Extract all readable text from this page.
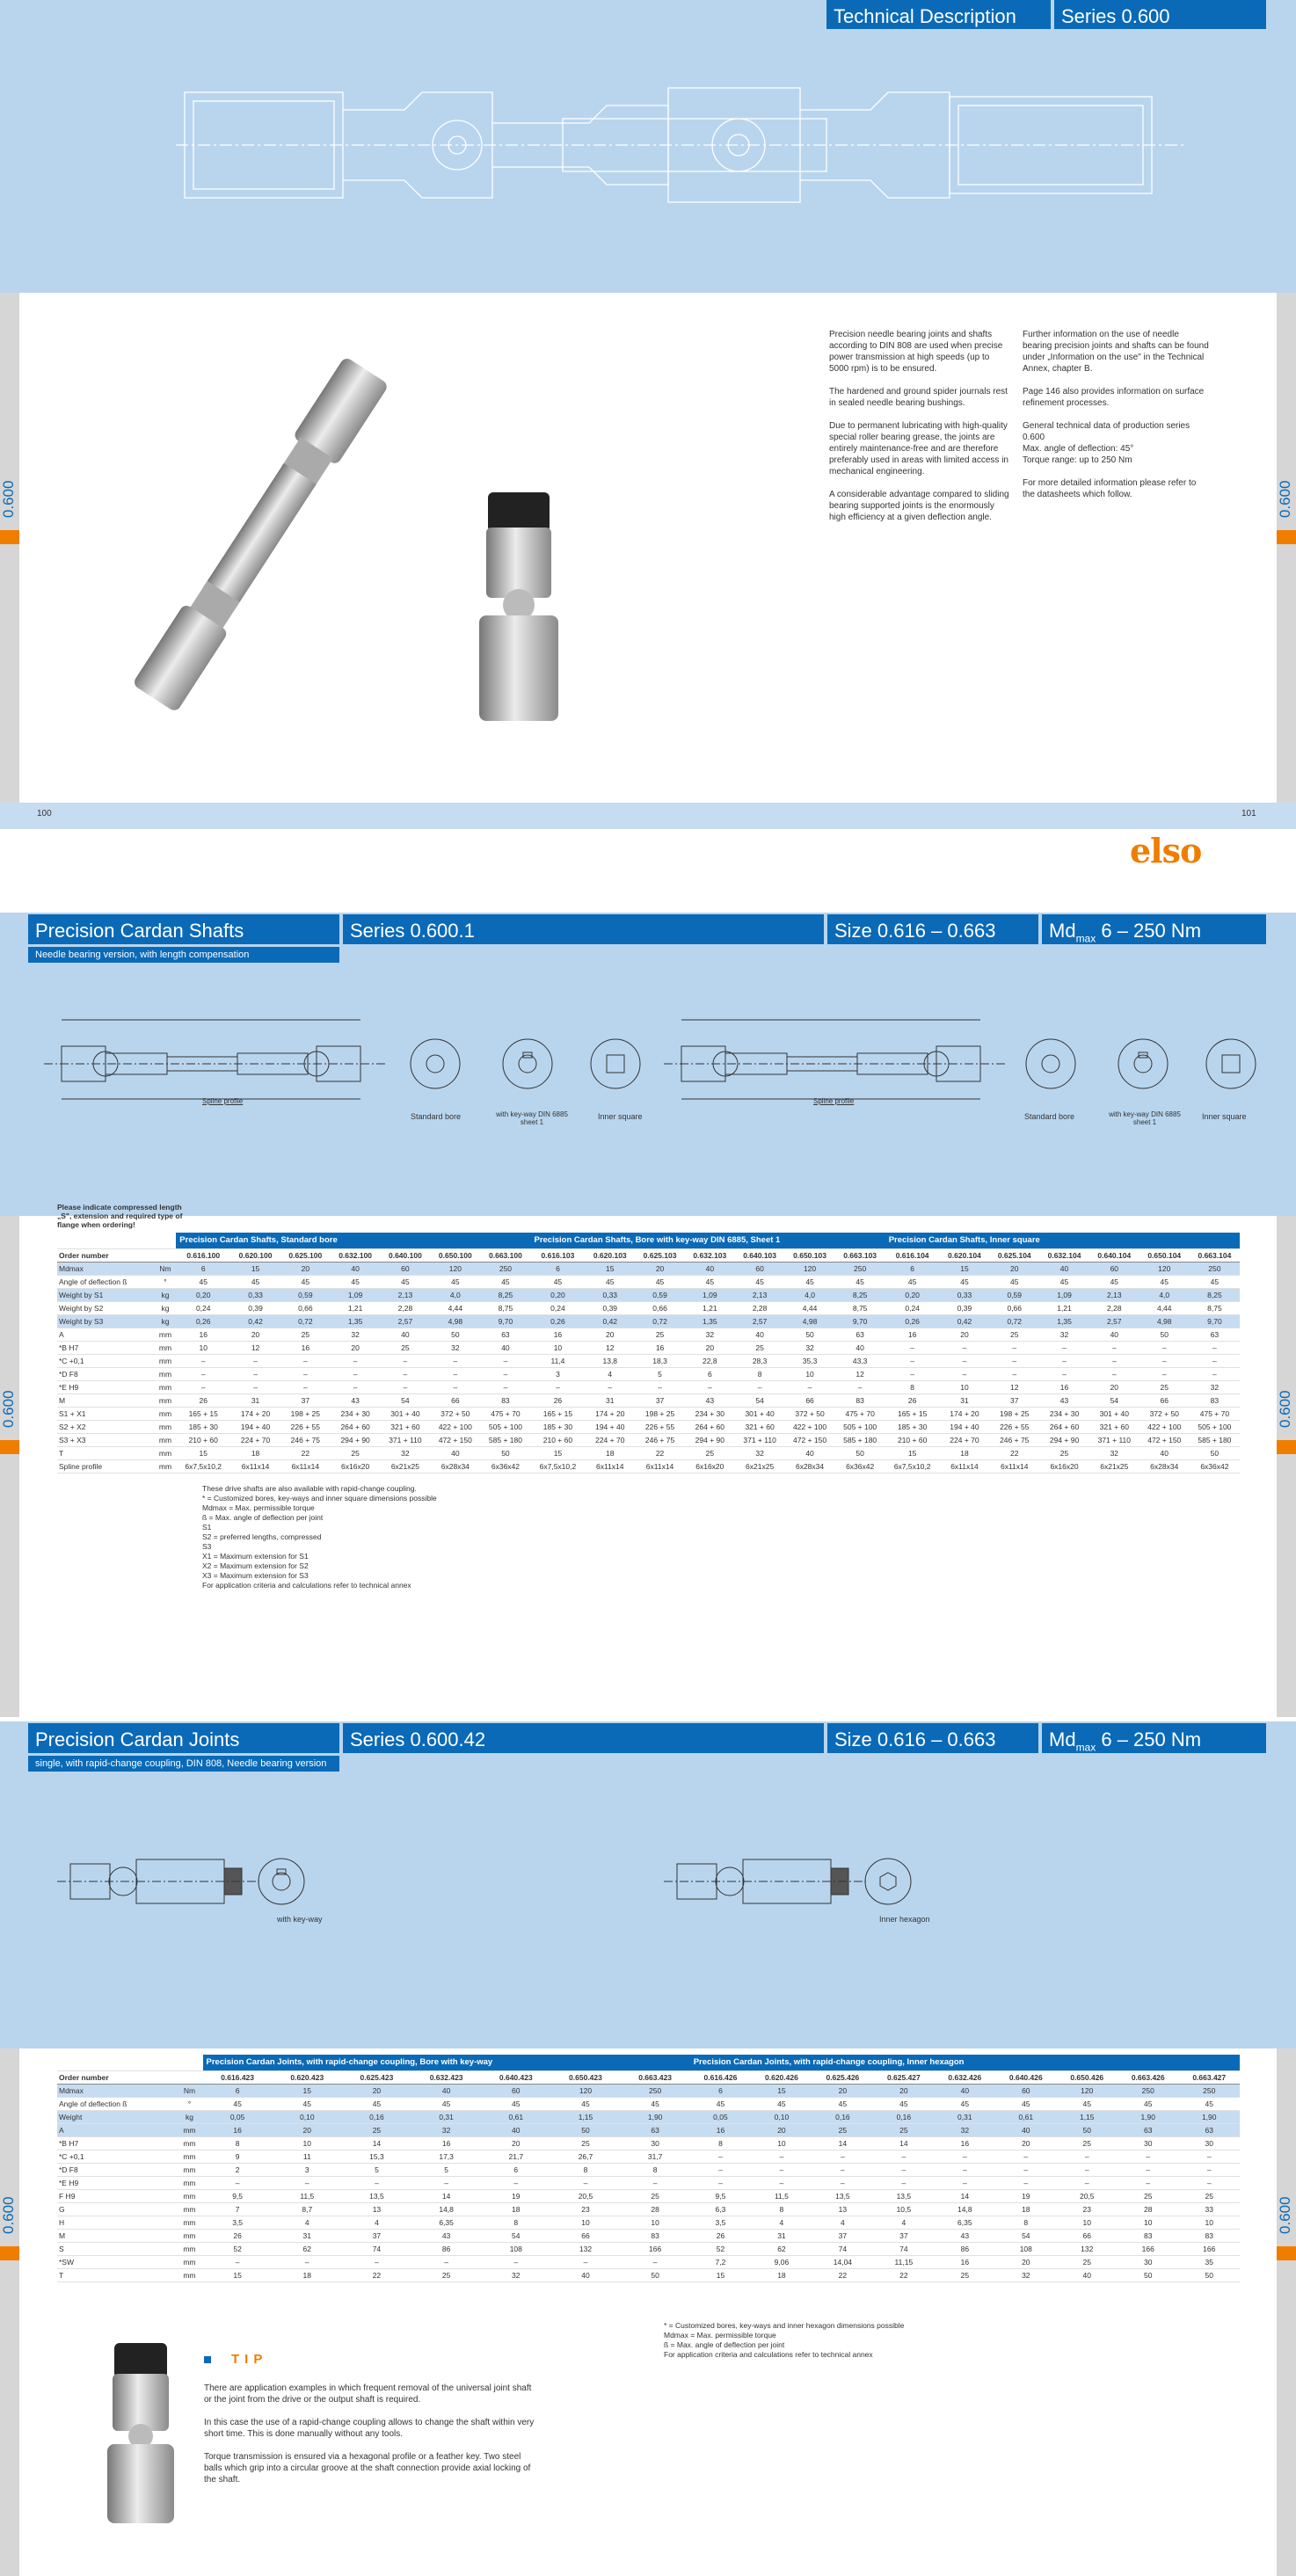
Technical Description	Series 0.600

Precision needle bearing joints and shafts according to DIN 808 are used when precise power transmission at high speeds (up to 5000 rpm) is to be ensured.

The hardened and ground spider journals rest in sealed needle bearing bushings.

Due to permanent lubricating with high-quality special roller bearing grease, the joints are entirely maintenance-free and are therefore preferably used in areas with limited access in mechanical engineering.

A considerable advantage compared to sliding bearing supported joints is the enormously high efficiency at a given deflection angle.

Further information on the use of needle bearing precision joints and shafts can be found under „Information on the use" in the Technical Annex, chapter B.

Page 146 also provides information on surface refinement processes.

General technical data of production series 0.600

Max. angle of deflection: 45°

Torque range: up to 250 Nm

For more detailed information please refer to the datasheets which follow.

0.600	0.600
100	101
elso
0.600	0.600
Precision Cardan Shafts	Series 0.600.1	Size 0.616 – 0.663	$Md_{max}$ 6 – 250 Nm
Needle bearing version, with length compensation
Spline profile
Standard bore	with key-way DIN 6885 sheet 1
Inner square
Spline profile
Standard bore	with key-way DIN 6885 sheet 1
Inner square
Please indicate compressed length „S", extension and required type of flange when ordering!
		Precision Cardan Shafts, Standard bore							Precision Cardan Shafts, Bore with key-way DIN 6885, Sheet 1							Precision Cardan Shafts, Inner square						
Order number		0.616.100	0.620.100	0.625.100	0.632.100	0.640.100	0.650.100	0.663.100	0.616.103	0.620.103	0.625.103	0.632.103	0.640.103	0.650.103	0.663.103	0.616.104	0.620.104	0.625.104	0.632.104	0.640.104	0.650.104	0.663.104
Mdmax	Nm	6	15	20	40	60	120	250	6	15	20	40	60	120	250	6	15	20	40	60	120	250
Angle of deflection ß	°	45	45	45	45	45	45	45	45	45	45	45	45	45	45	45	45	45	45	45	45	45
Weight by S1	kg	0,20	0,33	0,59	1,09	2,13	4,0	8,25	0,20	0,33	0,59	1,09	2,13	4,0	8,25	0,20	0,33	0,59	1,09	2,13	4,0	8,25
Weight by S2	kg	0,24	0,39	0,66	1,21	2,28	4,44	8,75	0,24	0,39	0,66	1,21	2,28	4,44	8,75	0,24	0,39	0,66	1,21	2,28	4,44	8,75
Weight by S3	kg	0,26	0,42	0,72	1,35	2,57	4,98	9,70	0,26	0,42	0,72	1,35	2,57	4,98	9,70	0,26	0,42	0,72	1,35	2,57	4,98	9,70
A	mm	16	20	25	32	40	50	63	16	20	25	32	40	50	63	16	20	25	32	40	50	63
*B H7	mm	10	12	16	20	25	32	40	10	12	16	20	25	32	40	–	–	–	–	–	–	–
*C +0,1	mm	–	–	–	–	–	–	–	11,4	13,8	18,3	22,8	28,3	35,3	43,3	–	–	–	–	–	–	–
*D F8	mm	–	–	–	–	–	–	–	3	4	5	6	8	10	12	–	–	–	–	–	–	–
*E H9	mm	–	–	–	–	–	–	–	–	–	–	–	–	–	–	8	10	12	16	20	25	32
M	mm	26	31	37	43	54	66	83	26	31	37	43	54	66	83	26	31	37	43	54	66	83
S1 + X1	mm	165 + 15	174 + 20	198 + 25	234 + 30	301 + 40	372 + 50	475 + 70	165 + 15	174 + 20	198 + 25	234 + 30	301 + 40	372 + 50	475 + 70	165 + 15	174 + 20	198 + 25	234 + 30	301 + 40	372 + 50	475 + 70
S2 + X2	mm	185 + 30	194 + 40	226 + 55	264 + 60	321 + 60	422 + 100	505 + 100	185 + 30	194 + 40	226 + 55	264 + 60	321 + 60	422 + 100	505 + 100	185 + 30	194 + 40	226 + 55	264 + 60	321 + 60	422 + 100	505 + 100
S3 + X3	mm	210 + 60	224 + 70	246 + 75	294 + 90	371 + 110	472 + 150	585 + 180	210 + 60	224 + 70	246 + 75	294 + 90	371 + 110	472 + 150	585 + 180	210 + 60	224 + 70	246 + 75	294 + 90	371 + 110	472 + 150	585 + 180
T	mm	15	18	22	25	32	40	50	15	18	22	25	32	40	50	15	18	22	25	32	40	50
Spline profile	mm	6x7,5x10,2	6x11x14	6x11x14	6x16x20	6x21x25	6x28x34	6x36x42	6x7,5x10,2	6x11x14	6x11x14	6x16x20	6x21x25	6x28x34	6x36x42	6x7,5x10,2	6x11x14	6x11x14	6x16x20	6x21x25	6x28x34	6x36x42
These drive shafts are also available with rapid-change coupling.
* = Customized bores, key-ways and inner square dimensions possible
Mdmax = Max. permissible torque
ß = Max. angle of deflection per joint
S1
S2 = preferred lengths, compressed
S3
X1 = Maximum extension for S1
X2 = Maximum extension for S2
X3 = Maximum extension for S3
For application criteria and calculations refer to technical annex
0.600	0.600
Precision Cardan Joints	Series 0.600.42	Size 0.616 – 0.663	$Md_{max}$ 6 – 250 Nm
single, with rapid-change coupling, DIN 808, Needle bearing version
with key-way	Inner hexagon
		Precision Cardan Joints, with rapid-change coupling, Bore with key-way							Precision Cardan Joints, with rapid-change coupling, Inner hexagon								
Order number		0.616.423	0.620.423	0.625.423	0.632.423	0.640.423	0.650.423	0.663.423	0.616.426	0.620.426	0.625.426	0.625.427	0.632.426	0.640.426	0.650.426	0.663.426	0.663.427
Mdmax	Nm	6	15	20	40	60	120	250	6	15	20	20	40	60	120	250	250
Angle of deflection ß	°	45	45	45	45	45	45	45	45	45	45	45	45	45	45	45	45
Weight	kg	0,05	0,10	0,16	0,31	0,61	1,15	1,90	0,05	0,10	0,16	0,16	0,31	0,61	1,15	1,90	1,90
A	mm	16	20	25	32	40	50	63	16	20	25	25	32	40	50	63	63
*B H7	mm	8	10	14	16	20	25	30	8	10	14	14	16	20	25	30	30
*C +0,1	mm	9	11	15,3	17,3	21,7	26,7	31,7	–	–	–	–	–	–	–	–	–
*D F8	mm	2	3	5	5	6	8	8	–	–	–	–	–	–	–	–	–
*E H9	mm	–	–	–	–	–	–	–	–	–	–	–	–	–	–	–	–
F H9	mm	9,5	11,5	13,5	14	19	20,5	25	9,5	11,5	13,5	13,5	14	19	20,5	25	25
G	mm	7	8,7	13	14,8	18	23	28	6,3	8	13	10,5	14,8	18	23	28	33
H	mm	3,5	4	4	6,35	8	10	10	3,5	4	4	4	6,35	8	10	10	10
M	mm	26	31	37	43	54	66	83	26	31	37	37	43	54	66	83	83
S	mm	52	62	74	86	108	132	166	52	62	74	74	86	108	132	166	166
*SW	mm	–	–	–	–	–	–	–	7,2	9,06	14,04	11,15	16	20	25	30	35
T	mm	15	18	22	25	32	40	50	15	18	22	22	25	32	40	50	50
* = Customized bores, key-ways and inner hexagon dimensions possible
Mdmax = Max. permissible torque
ß = Max. angle of deflection per joint
For application criteria and calculations refer to technical annex
TIP

There are application examples in which frequent removal of the universal joint shaft or the joint from the drive or the output shaft is required.

In this case the use of a rapid-change coupling allows to change the shaft within very short time. This is done manually without any tools.

Torque transmission is ensured via a hexagonal profile or a feather key. Two steel balls which grip into a circular groove at the shaft connection provide axial locking of the shaft.
